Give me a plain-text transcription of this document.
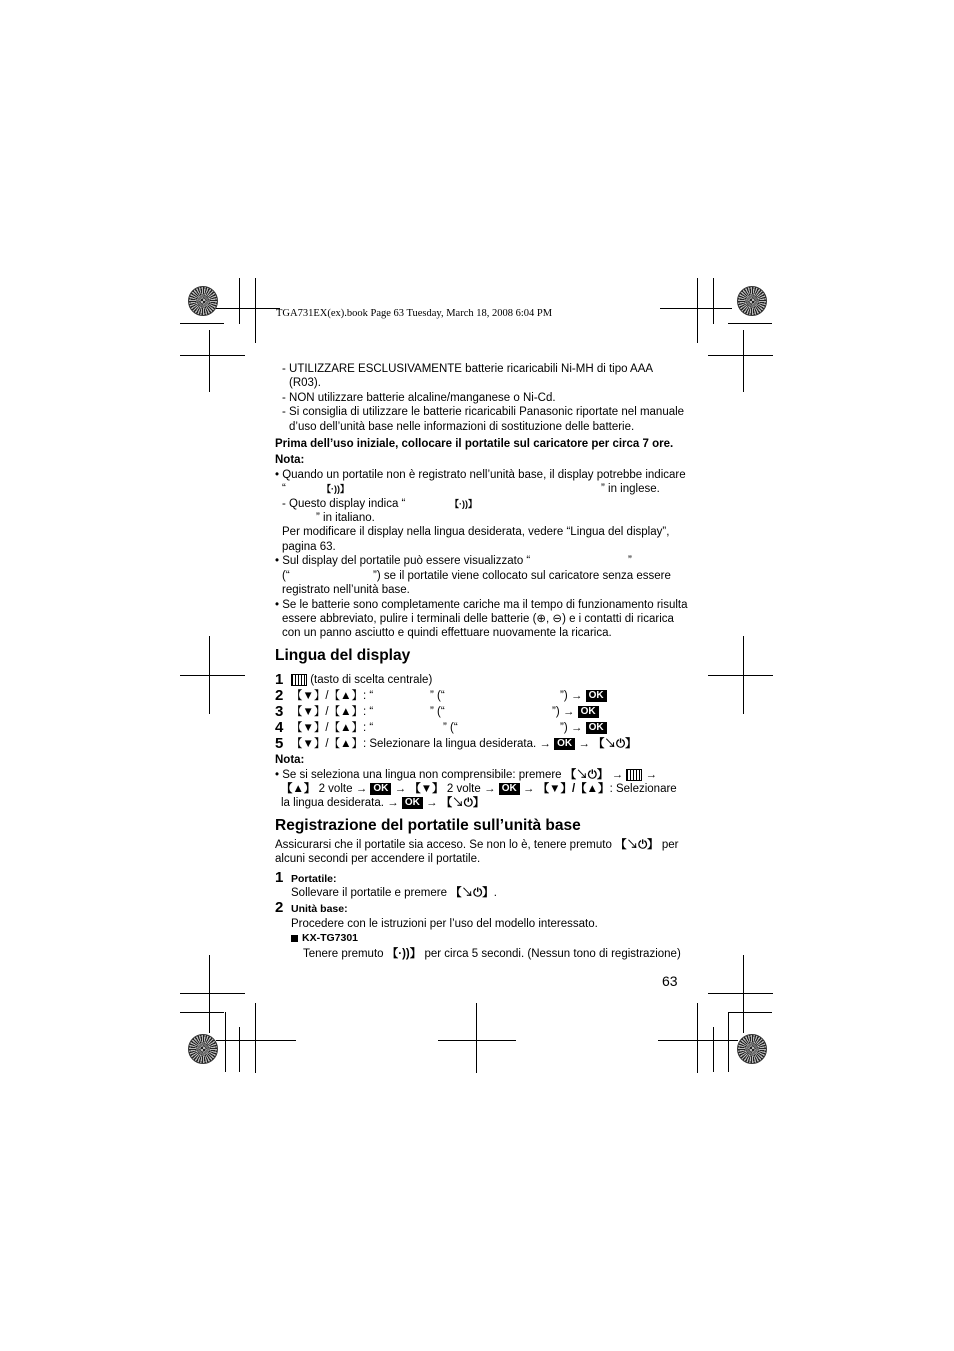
TGA731EX(ex).book Page 63 Tuesday, March 18, 2008 6:04 PM
- UTILIZZARE ESCLUSIVAMENTE batterie ricaricabili Ni-MH di tipo AAA
(R03).
- NON utilizzare batterie alcaline/manganese o Ni-Cd.
- Si consiglia di utilizzare le batterie ricaricabili Panasonic riportate nel manuale
d’uso dell’unità base nelle informazioni di sostituzione delle batterie.
Prima dell’uso iniziale, collocare il portatile sul caricatore per circa 7 ore.
Nota:
• Quando un portatile non è registrato nell’unità base, il display potrebbe indicare
“	【·))】	” in inglese.
- Questo display indica “	【·))】
” in italiano.
Per modificare il display nella lingua desiderata, vedere “Lingua del display”,
pagina 63.
• Sul display del portatile può essere visualizzato “	”
(“	”) se il portatile viene collocato sul caricatore senza essere
registrato nell’unità base.
• Se le batterie sono completamente cariche ma il tempo di funzionamento risulta
essere abbreviato, pulire i terminali delle batterie (⊕, ⊖) e i contatti di ricarica
con un panno asciutto e quindi effettuare nuovamente la ricarica.
Lingua del display
1	(tasto di scelta centrale)
2 【▼】/【▲】: “	” (“	”) → OK
3 【▼】/【▲】: “	” (“	”) → OK
4 【▼】/【▲】: “	” (“	”) → OK
5 【▼】/【▲】: Selezionare la lingua desiderata. → OK → 【↘⏻】
Nota:
• Se si seleziona una lingua non comprensibile: premere 【↘⏻】 → →
【▲】 2 volte → OK → 【▼】 2 volte → OK → 【▼】/【▲】: Selezionare
la lingua desiderata. → OK → 【↘⏻】
Registrazione del portatile sull’unità base
Assicurarsi che il portatile sia acceso. Se non lo è, tenere premuto 【↘⏻】 per
alcuni secondi per accendere il portatile.
1 Portatile:
Sollevare il portatile e premere 【↘⏻】.
2 Unità base:
Procedere con le istruzioni per l’uso del modello interessato.
KX-TG7301
Tenere premuto 【·))】 per circa 5 secondi. (Nessun tono di registrazione)
63
